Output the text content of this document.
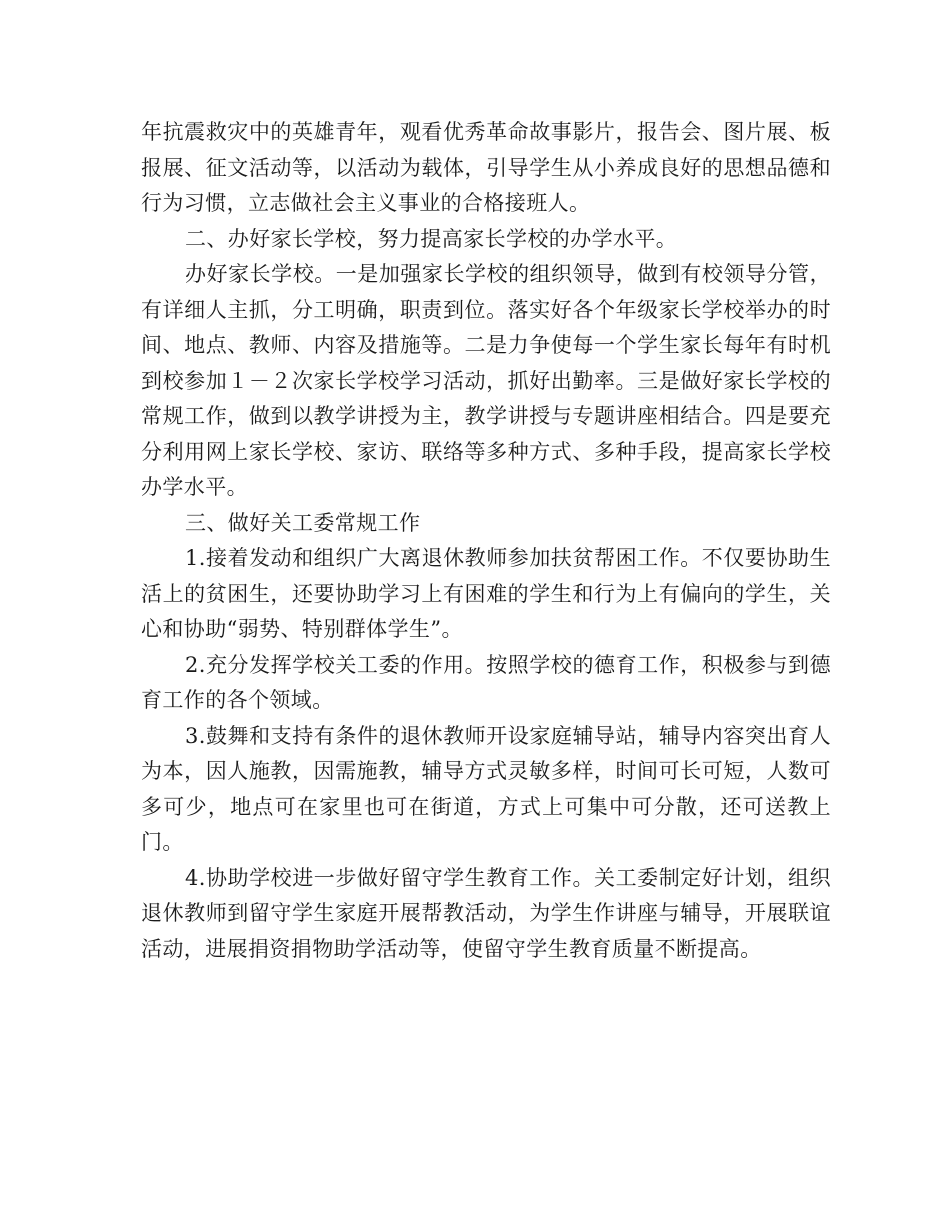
年抗震救灾中的英雄青年，观看优秀革命故事影片，报告会、图片展、板报展、征文活动等，以活动为载体，引导学生从小养成良好的思想品德和行为习惯，立志做社会主义事业的合格接班人。

二、办好家长学校，努力提高家长学校的办学水平。

办好家长学校。一是加强家长学校的组织领导，做到有校领导分管，有详细人主抓，分工明确，职责到位。落实好各个年级家长学校举办的时间、地点、教师、内容及措施等。二是力争使每一个学生家长每年有时机到校参加１－２次家长学校学习活动，抓好出勤率。三是做好家长学校的常规工作，做到以教学讲授为主，教学讲授与专题讲座相结合。四是要充分利用网上家长学校、家访、联络等多种方式、多种手段，提高家长学校办学水平。

三、做好关工委常规工作

1.接着发动和组织广大离退休教师参加扶贫帮困工作。不仅要协助生活上的贫困生，还要协助学习上有困难的学生和行为上有偏向的学生，关心和协助“弱势、特别群体学生”。

2.充分发挥学校关工委的作用。按照学校的德育工作，积极参与到德育工作的各个领域。

3.鼓舞和支持有条件的退休教师开设家庭辅导站，辅导内容突出育人为本，因人施教，因需施教，辅导方式灵敏多样，时间可长可短，人数可多可少，地点可在家里也可在街道，方式上可集中可分散，还可送教上门。

4.协助学校进一步做好留守学生教育工作。关工委制定好计划，组织退休教师到留守学生家庭开展帮教活动，为学生作讲座与辅导，开展联谊活动，进展捐资捐物助学活动等，使留守学生教育质量不断提高。
